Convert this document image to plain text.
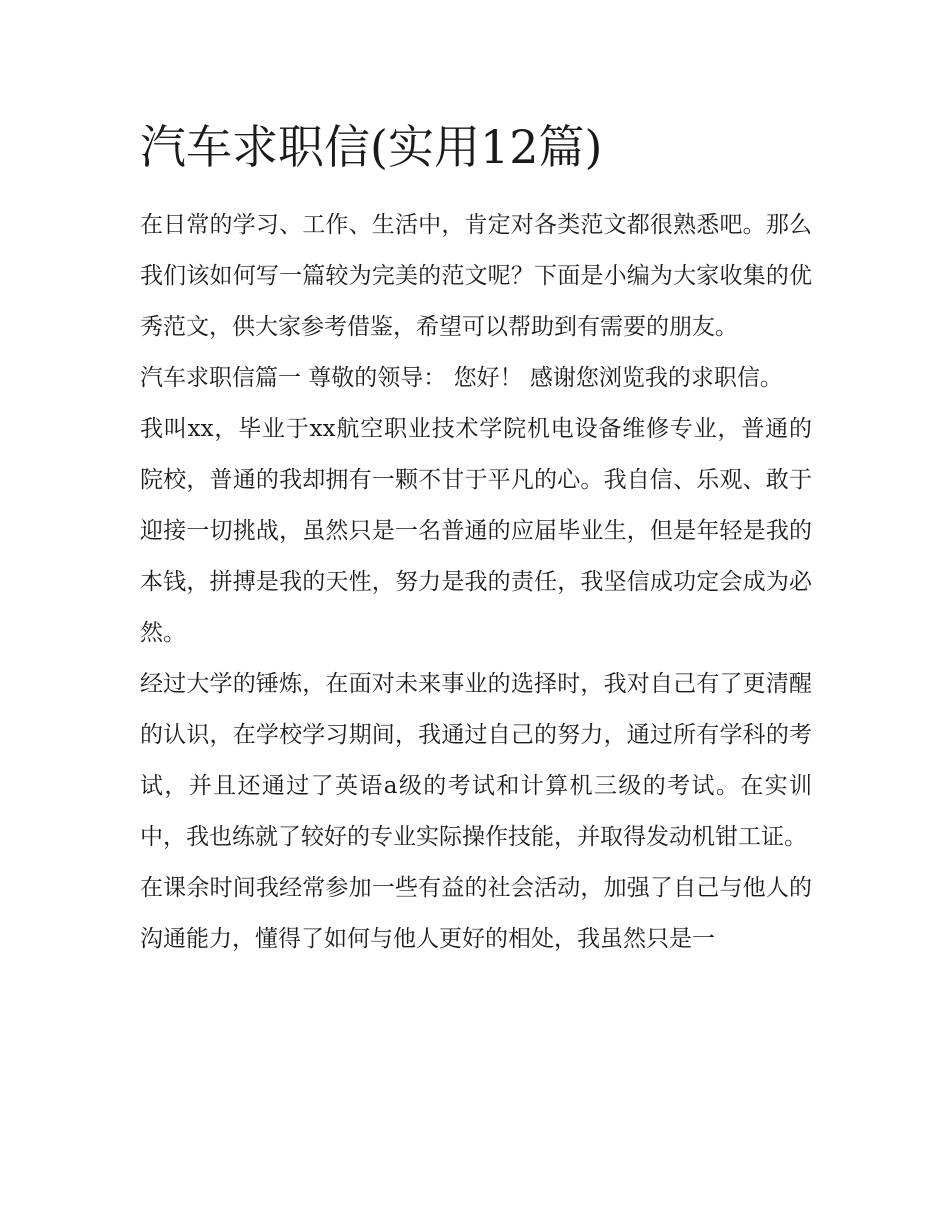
汽车求职信(实用12篇)

在日常的学习、工作、生活中，肯定对各类范文都很熟悉吧。那么我们该如何写一篇较为完美的范文呢？下面是小编为大家收集的优秀范文，供大家参考借鉴，希望可以帮助到有需要的朋友。

汽车求职信篇一 尊敬的领导： 您好！ 感谢您浏览我的求职信。

我叫xx，毕业于xx航空职业技术学院机电设备维修专业，普通的院校，普通的我却拥有一颗不甘于平凡的心。我自信、乐观、敢于迎接一切挑战，虽然只是一名普通的应届毕业生，但是年轻是我的本钱，拼搏是我的天性，努力是我的责任，我坚信成功定会成为必然。

经过大学的锤炼，在面对未来事业的选择时，我对自己有了更清醒的认识，在学校学习期间，我通过自己的努力，通过所有学科的考试，并且还通过了英语a级的考试和计算机三级的考试。在实训中，我也练就了较好的专业实际操作技能，并取得发动机钳工证。

在课余时间我经常参加一些有益的社会活动，加强了自己与他人的沟通能力，懂得了如何与他人更好的相处，我虽然只是一
